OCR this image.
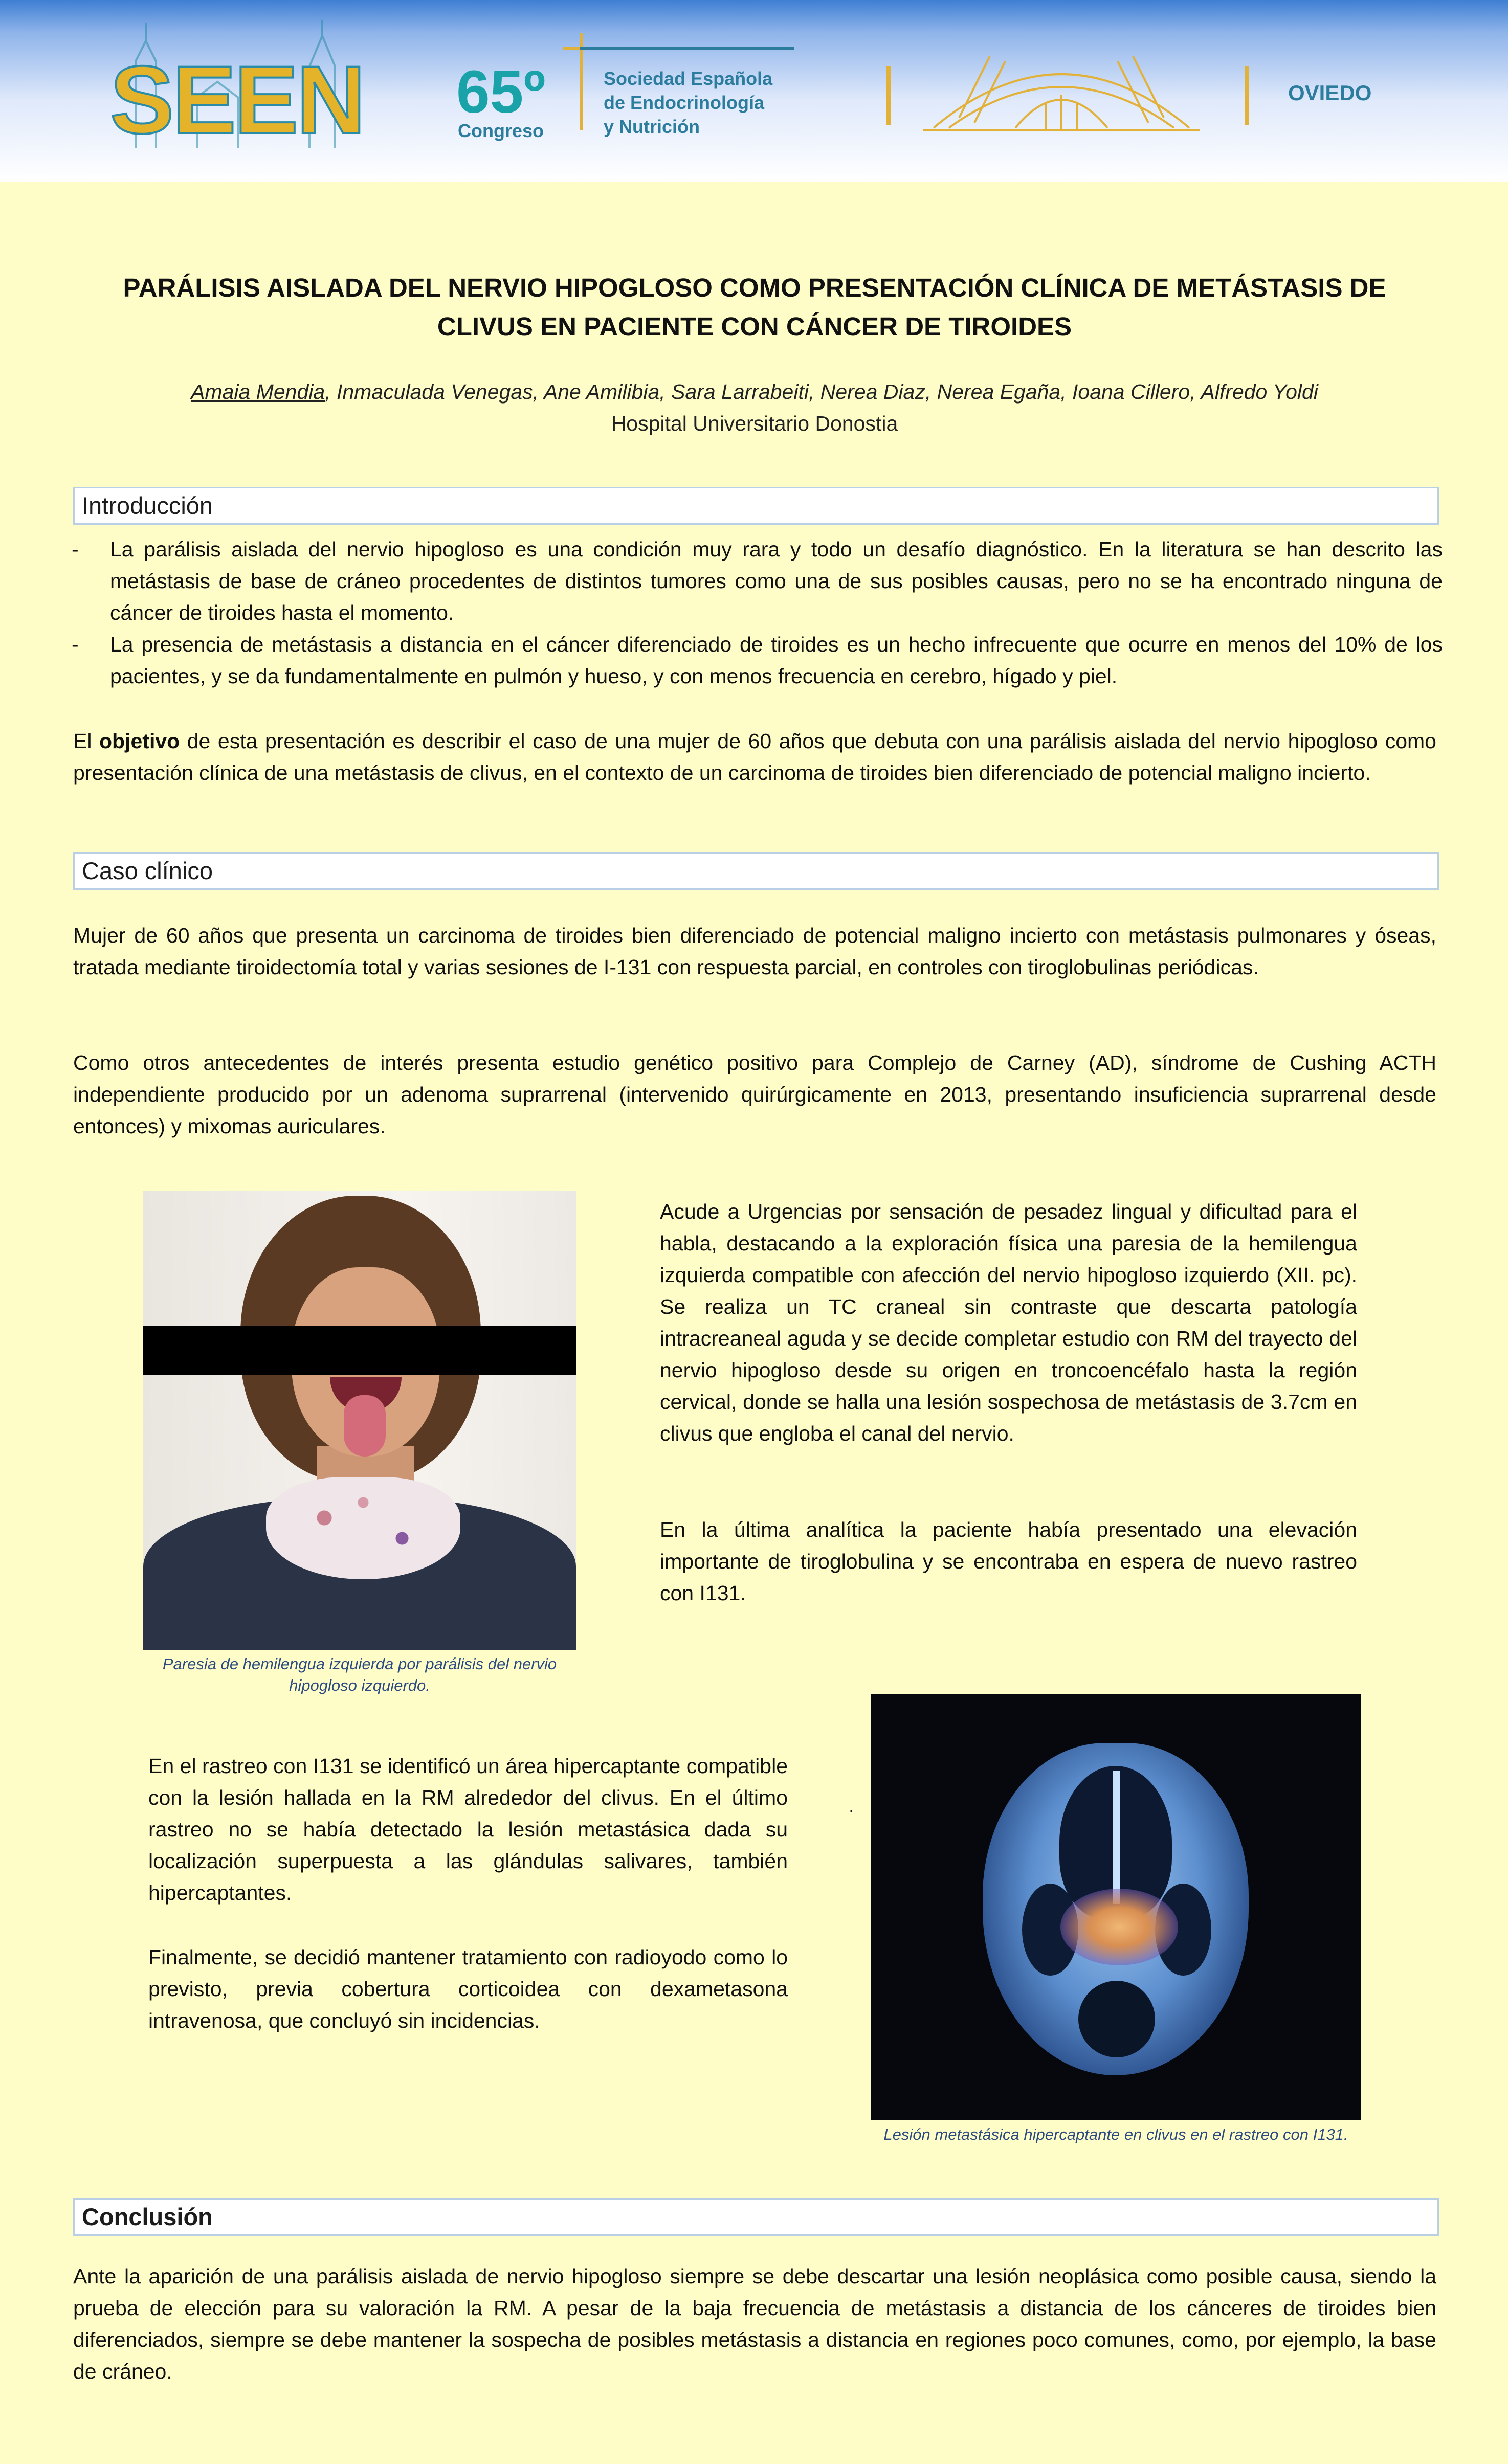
SEEN 65º
Congreso
Sociedad Española
de Endocrinología
y Nutrición
OVIEDO
PARÁLISIS AISLADA DEL NERVIO HIPOGLOSO COMO PRESENTACIÓN CLÍNICA DE METÁSTASIS DE
CLIVUS EN PACIENTE CON CÁNCER DE TIROIDES
Amaia Mendia, Inmaculada Venegas, Ane Amilibia, Sara Larrabeiti, Nerea Diaz, Nerea Egaña, Ioana Cillero, Alfredo Yoldi
Hospital Universitario Donostia
Introducción
- La parálisis aislada del nervio hipogloso es una condición muy rara y todo un desafío diagnóstico. En la literatura se han descrito las metástasis de base de cráneo procedentes de distintos tumores como una de sus posibles causas, pero no se ha encontrado ninguna de cáncer de tiroides hasta el momento.
- La presencia de metástasis a distancia en el cáncer diferenciado de tiroides es un hecho infrecuente que ocurre en menos del 10% de los pacientes, y se da fundamentalmente en pulmón y hueso, y con menos frecuencia en cerebro, hígado y piel.
El objetivo de esta presentación es describir el caso de una mujer de 60 años que debuta con una parálisis aislada del nervio hipogloso como presentación clínica de una metástasis de clivus, en el contexto de un carcinoma de tiroides bien diferenciado de potencial maligno incierto.
Caso clínico
Mujer de 60 años que presenta un carcinoma de tiroides bien diferenciado de potencial maligno incierto con metástasis pulmonares y óseas, tratada mediante tiroidectomía total y varias sesiones de I-131 con respuesta parcial, en controles con tiroglobulinas periódicas.
Como otros antecedentes de interés presenta estudio genético positivo para Complejo de Carney (AD), síndrome de Cushing ACTH independiente producido por un adenoma suprarrenal (intervenido quirúrgicamente en 2013, presentando insuficiencia suprarrenal desde entonces) y mixomas auriculares.
Paresia de hemilengua izquierda por parálisis del nervio hipogloso izquierdo.
Acude a Urgencias por sensación de pesadez lingual y dificultad para el habla, destacando a la exploración física una paresia de la hemilengua izquierda compatible con afección del nervio hipogloso izquierdo (XII. pc). Se realiza un TC craneal sin contraste que descarta patología intracreaneal aguda y se decide completar estudio con RM del trayecto del nervio hipogloso desde su origen en troncoencéfalo hasta la región cervical, donde se halla una lesión sospechosa de metástasis de 3.7cm en clivus que engloba el canal del nervio.
En la última analítica la paciente había presentado una elevación importante de tiroglobulina y se encontraba en espera de nuevo rastreo con I131.
En el rastreo con I131 se identificó un área hipercaptante compatible con la lesión hallada en la RM alrededor del clivus. En el último rastreo no se había detectado la lesión metastásica dada su localización superpuesta a las glándulas salivares, también hipercaptantes.
Finalmente, se decidió mantener tratamiento con radioyodo como lo previsto, previa cobertura corticoidea con dexametasona intravenosa, que concluyó sin incidencias.
.
Lesión metastásica hipercaptante en clivus en el rastreo con I131.
Conclusión
Ante la aparición de una parálisis aislada de nervio hipogloso siempre se debe descartar una lesión neoplásica como posible causa, siendo la prueba de elección para su valoración la RM. A pesar de la baja frecuencia de metástasis a distancia de los cánceres de tiroides bien diferenciados, siempre se debe mantener la sospecha de posibles metástasis a distancia en regiones poco comunes, como, por ejemplo, la base de cráneo.
